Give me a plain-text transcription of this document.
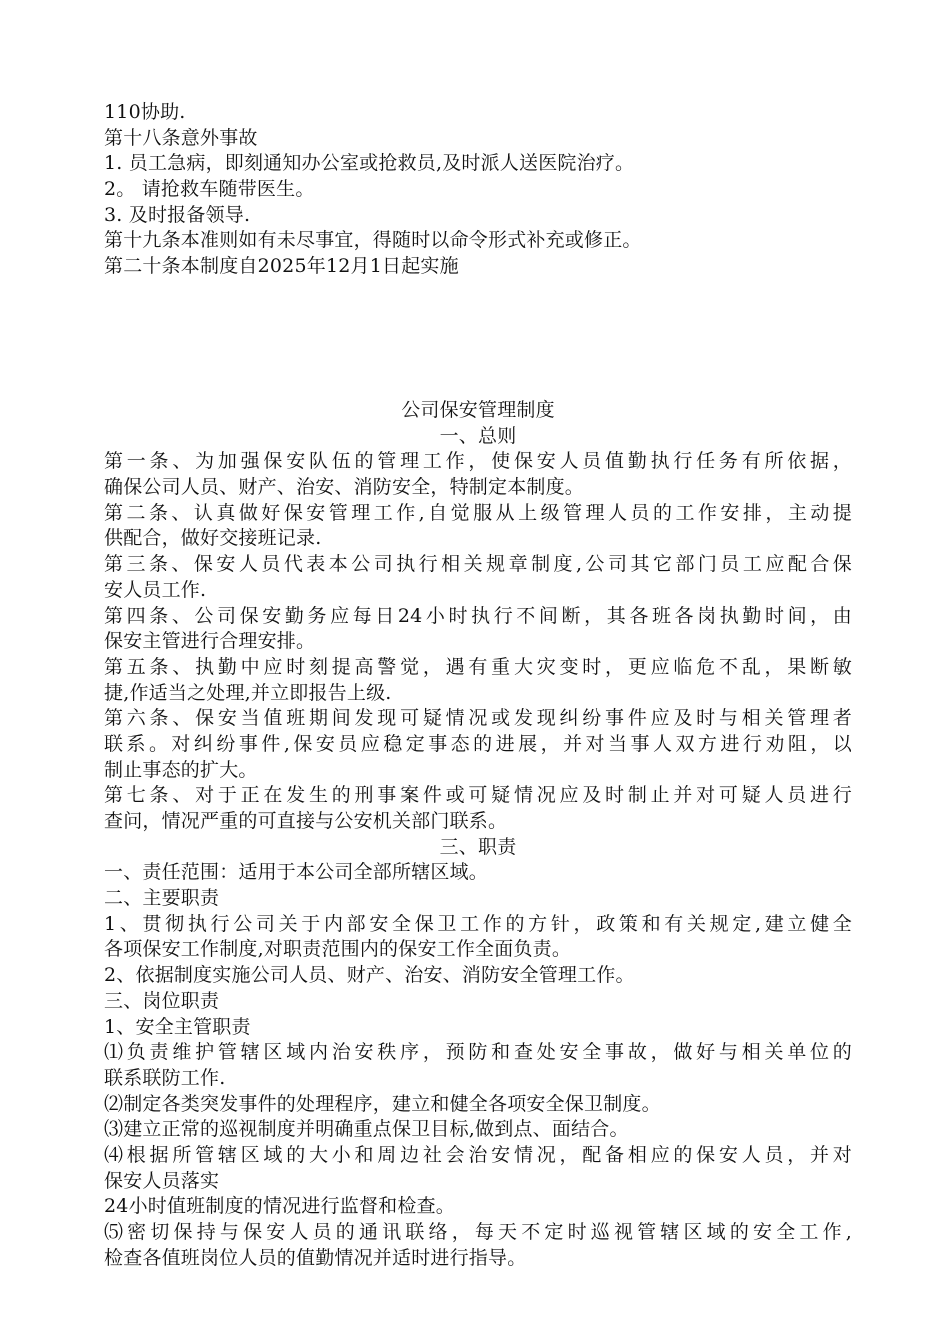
110协助.
第十八条意外事故
1. 员工急病，即刻通知办公室或抢救员,及时派人送医院治疗。
2。 请抢救车随带医生。
3. 及时报备领导.
第十九条本准则如有未尽事宜，得随时以命令形式补充或修正。
第二十条本制度自2025年12月1日起实施
公司保安管理制度
一、总则
第一条、为加强保安队伍的管理工作，使保安人员值勤执行任务有所依据，
确保公司人员、财产、治安、消防安全，特制定本制度。
第二条、认真做好保安管理工作,自觉服从上级管理人员的工作安排，主动提
供配合，做好交接班记录.
第三条、保安人员代表本公司执行相关规章制度,公司其它部门员工应配合保
安人员工作.
第四条、公司保安勤务应每日24小时执行不间断，其各班各岗执勤时间，由
保安主管进行合理安排。
第五条、执勤中应时刻提高警觉，遇有重大灾变时，更应临危不乱，果断敏
捷,作适当之处理,并立即报告上级.
第六条、保安当值班期间发现可疑情况或发现纠纷事件应及时与相关管理者
联系。对纠纷事件,保安员应稳定事态的进展，并对当事人双方进行劝阻，以
制止事态的扩大。
第七条、对于正在发生的刑事案件或可疑情况应及时制止并对可疑人员进行
查问，情况严重的可直接与公安机关部门联系。
三、职责
一、责任范围：适用于本公司全部所辖区域。
二、主要职责
1、贯彻执行公司关于内部安全保卫工作的方针，政策和有关规定,建立健全
各项保安工作制度,对职责范围内的保安工作全面负责。
2、依据制度实施公司人员、财产、治安、消防安全管理工作。
三、岗位职责
1、安全主管职责
⑴负责维护管辖区域内治安秩序，预防和查处安全事故，做好与相关单位的
联系联防工作.
⑵制定各类突发事件的处理程序，建立和健全各项安全保卫制度。
⑶建立正常的巡视制度并明确重点保卫目标,做到点、面结合。
⑷根据所管辖区域的大小和周边社会治安情况，配备相应的保安人员，并对
保安人员落实
24小时值班制度的情况进行监督和检查。
⑸密切保持与保安人员的通讯联络，每天不定时巡视管辖区域的安全工作,
检查各值班岗位人员的值勤情况并适时进行指导。
